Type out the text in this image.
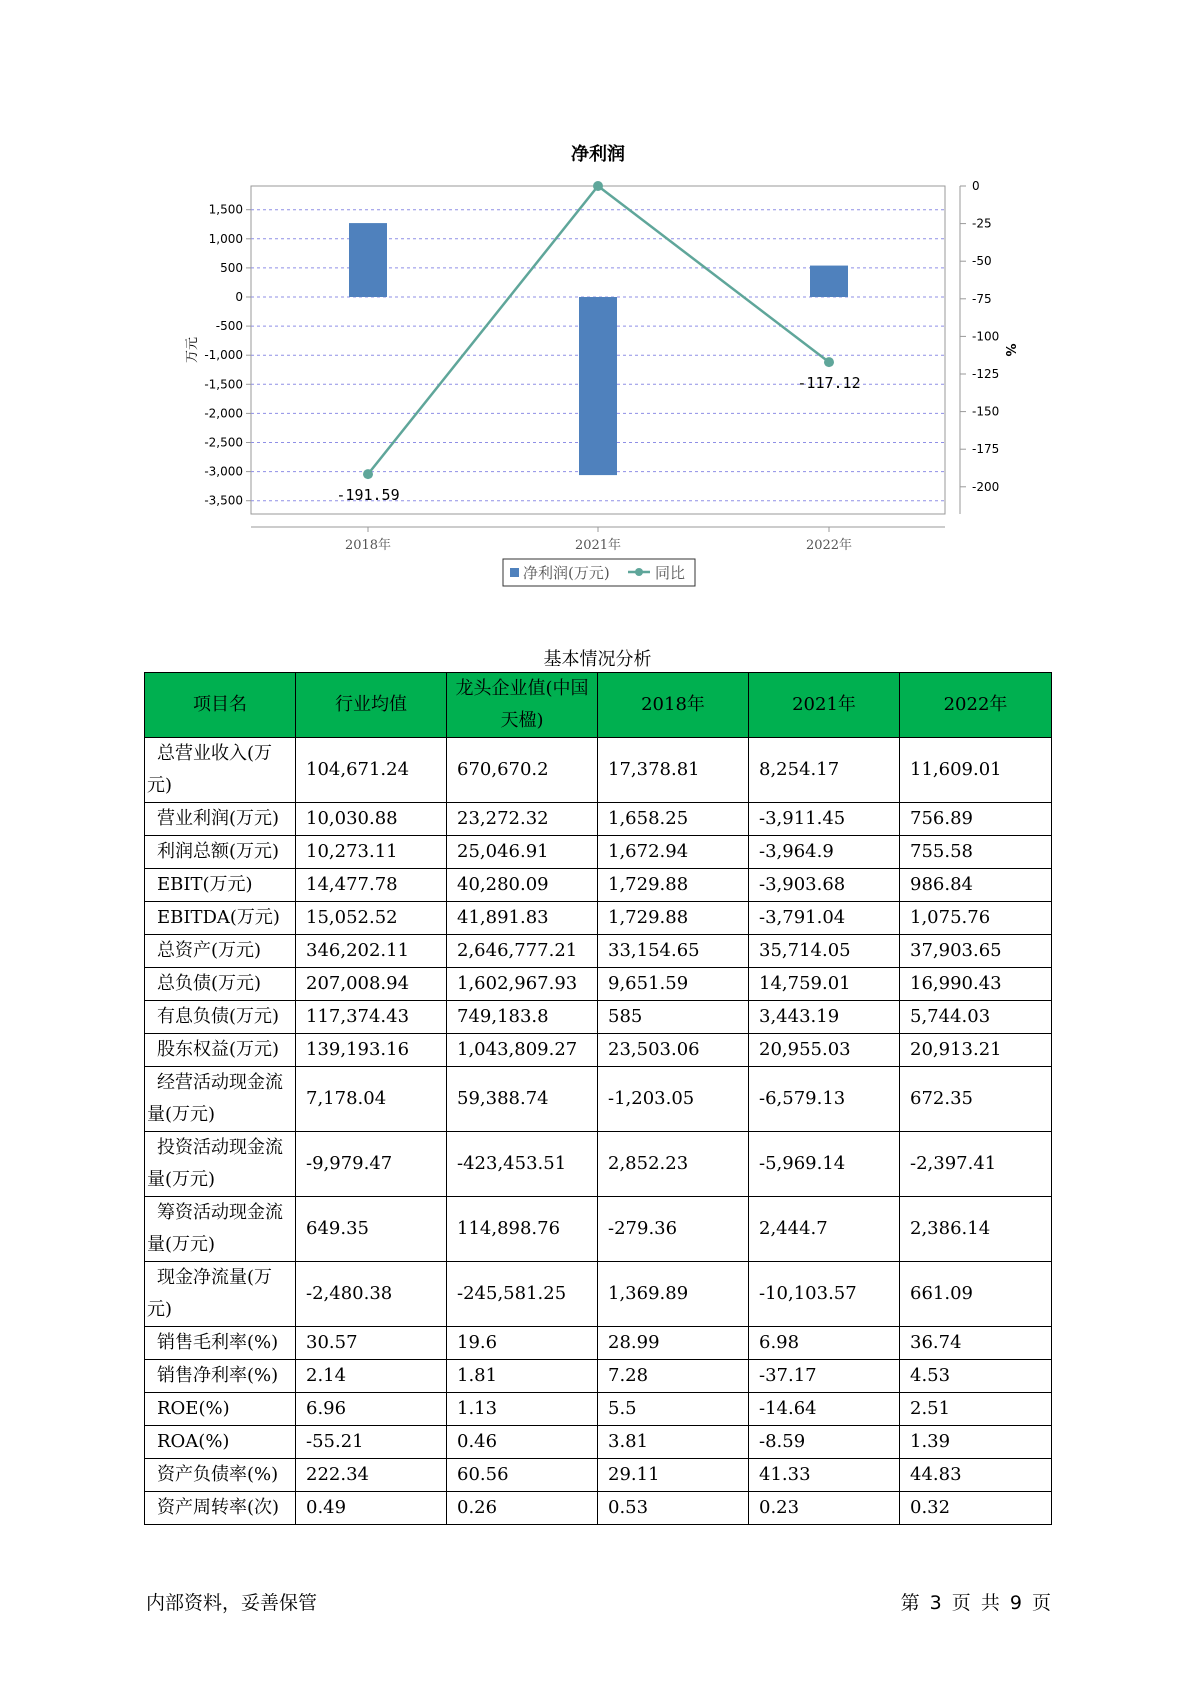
净利润
-191.59
-117.12
1,500
1,000
500
0
-500
-1,000
-1,500
-2,000
-2,500
-3,000
-3,500
0
-25
-50
-75
-100
-125
-150
-175
-200
2018年	2021年	2022年
万元	%
净利润(万元)	同比
基本情况分析
项目名	行业均值	龙头企业值(中国天楹)	2018年	2021年	2022年
总营业收入(万元)	104,671.24	670,670.2	17,378.81	8,254.17	11,609.01
营业利润(万元)	10,030.88	23,272.32	1,658.25	-3,911.45	756.89
利润总额(万元)	10,273.11	25,046.91	1,672.94	-3,964.9	755.58
EBIT(万元)	14,477.78	40,280.09	1,729.88	-3,903.68	986.84
EBITDA(万元)	15,052.52	41,891.83	1,729.88	-3,791.04	1,075.76
总资产(万元)	346,202.11	2,646,777.21	33,154.65	35,714.05	37,903.65
总负债(万元)	207,008.94	1,602,967.93	9,651.59	14,759.01	16,990.43
有息负债(万元)	117,374.43	749,183.8	585	3,443.19	5,744.03
股东权益(万元)	139,193.16	1,043,809.27	23,503.06	20,955.03	20,913.21
经营活动现金流量(万元)	7,178.04	59,388.74	-1,203.05	-6,579.13	672.35
投资活动现金流量(万元)	-9,979.47	-423,453.51	2,852.23	-5,969.14	-2,397.41
筹资活动现金流量(万元)	649.35	114,898.76	-279.36	2,444.7	2,386.14
现金净流量(万元)	-2,480.38	-245,581.25	1,369.89	-10,103.57	661.09
销售毛利率(%)	30.57	19.6	28.99	6.98	36.74
销售净利率(%)	2.14	1.81	7.28	-37.17	4.53
ROE(%)	6.96	1.13	5.5	-14.64	2.51
ROA(%)	-55.21	0.46	3.81	-8.59	1.39
资产负债率(%)	222.34	60.56	29.11	41.33	44.83
资产周转率(次)	0.49	0.26	0.53	0.23	0.32
内部资料，妥善保管	第 3 页 共 9 页
